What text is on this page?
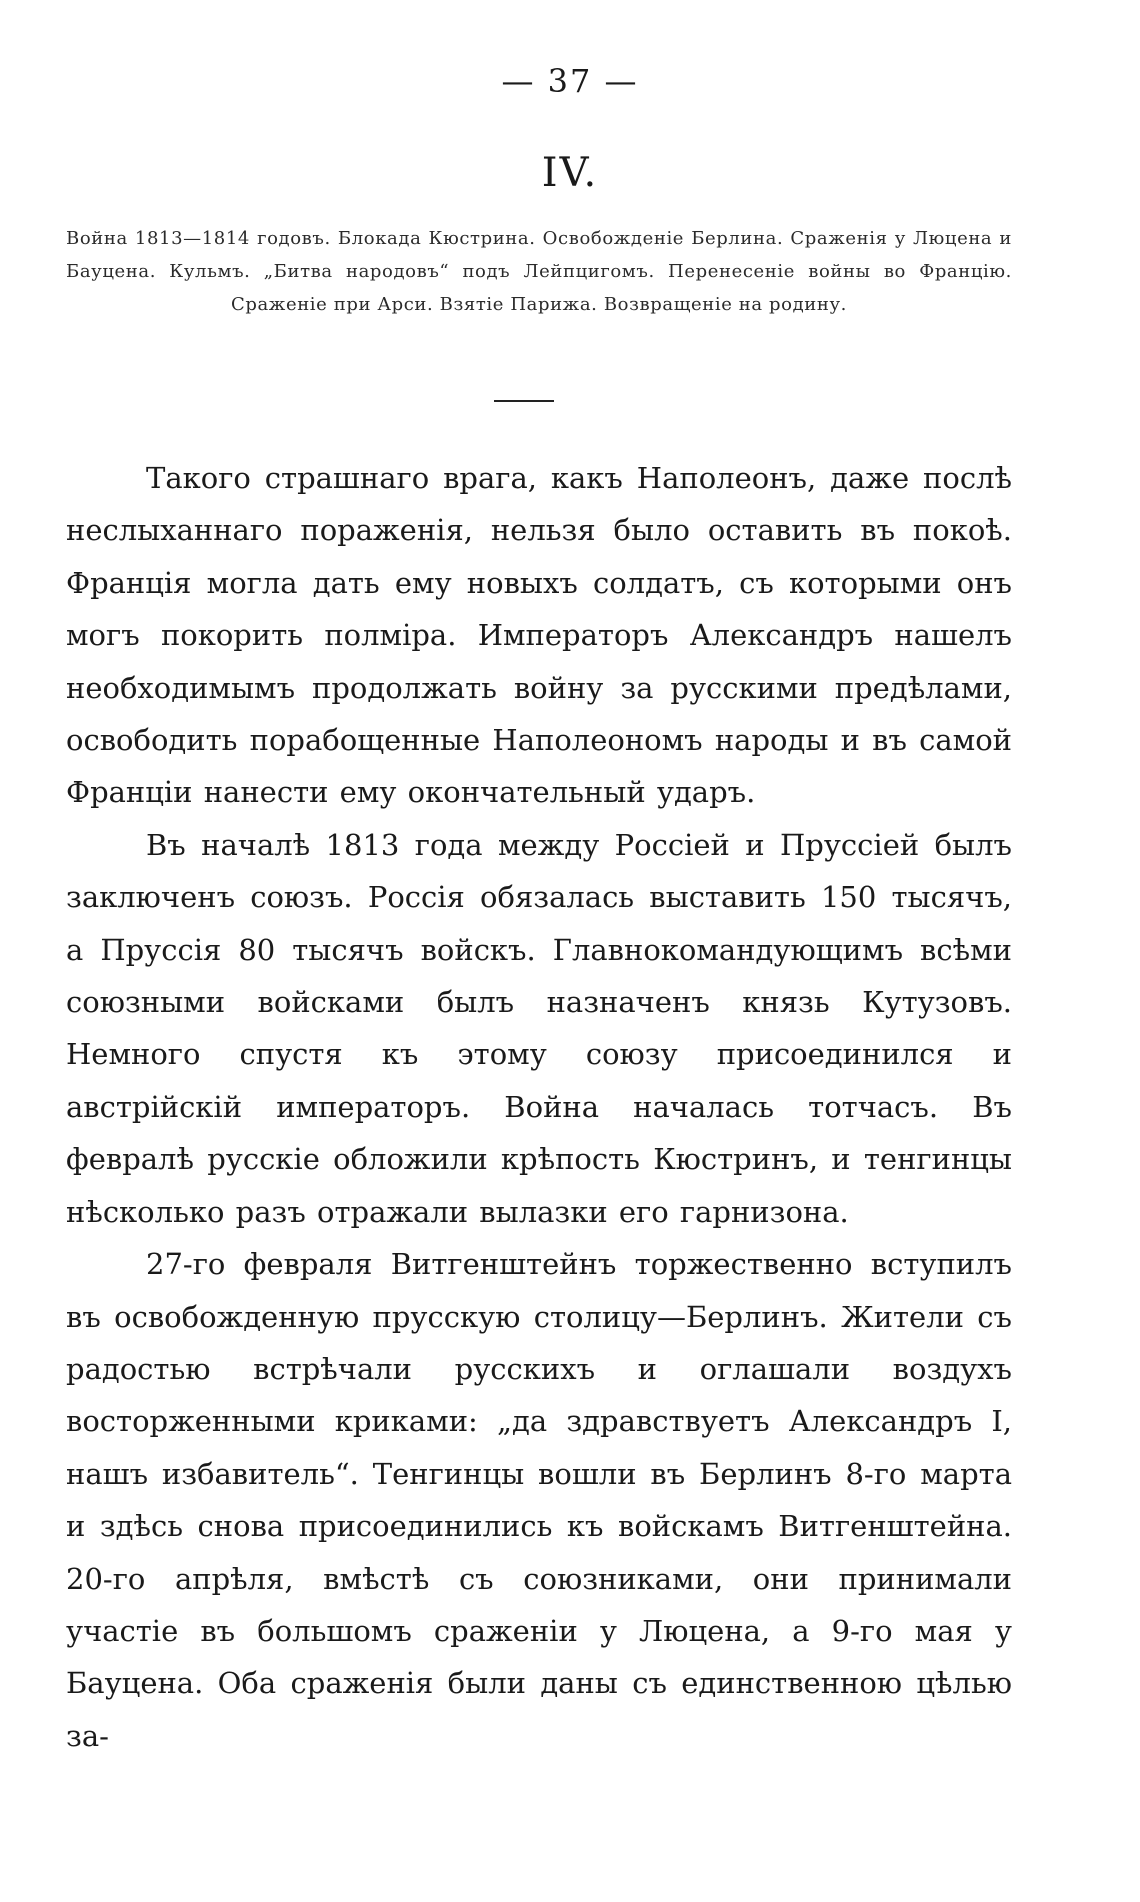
— 37 —
IV.
Война 1813—1814 годовъ. Блокада Кюстрина. Освобожденіе Берлина. Сраженія у Люцена и Бауцена. Кульмъ. „Битва народовъ“ подъ Лейпцигомъ. Перенесеніе войны во Францію. Сраженіе при Арси. Взятіе Парижа. Возвращеніе на родину.

Такого страшнаго врага, какъ Наполеонъ, даже послѣ неслыханнаго пораженія, нельзя было оставить въ покоѣ. Франція могла дать ему новыхъ солдатъ, съ которыми онъ могъ покорить полміра. Императоръ Александръ нашелъ необходимымъ продолжать войну за русскими предѣлами, освободить порабощенные Наполеономъ народы и въ самой Франціи нанести ему окончательный ударъ.

Въ началѣ 1813 года между Россіей и Пруссіей былъ заключенъ союзъ. Россія обязалась выставить 150 тысячъ, а Пруссія 80 тысячъ войскъ. Главнокомандующимъ всѣми союзными войсками былъ назначенъ князь Кутузовъ. Немного спустя къ этому союзу присоединился и австрійскій императоръ. Война началась тотчасъ. Въ февралѣ русскіе обложили крѣпость Кюстринъ, и тенгинцы нѣсколько разъ отражали вылазки его гарнизона.

27-го февраля Витгенштейнъ торжественно вступилъ въ освобожденную прусскую столицу—Берлинъ. Жители съ радостью встрѣчали русскихъ и оглашали воздухъ восторженными криками: „да здравствуетъ Александръ I, нашъ избавитель“. Тенгинцы вошли въ Берлинъ 8-го марта и здѣсь снова присоединились къ войскамъ Витгенштейна. 20-го апрѣля, вмѣстѣ съ союзниками, они принимали участіе въ большомъ сраженіи у Люцена, а 9-го мая у Бауцена. Оба сраженія были даны съ единственною цѣлью за-
